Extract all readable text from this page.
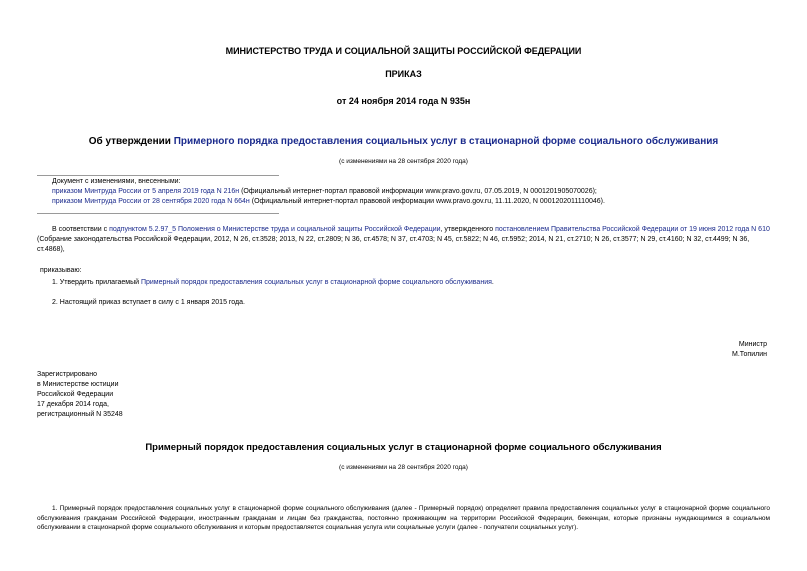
МИНИСТЕРСТВО ТРУДА И СОЦИАЛЬНОЙ ЗАЩИТЫ РОССИЙСКОЙ ФЕДЕРАЦИИ
ПРИКАЗ
от 24 ноября 2014 года N 935н
Об утверждении Примерного порядка предоставления социальных услуг в стационарной форме социального обслуживания
(с изменениями на 28 сентября 2020 года)

Документ с изменениями, внесенными:

приказом Минтруда России от 5 апреля 2019 года N 216н (Официальный интернет-портал правовой информации www.pravo.gov.ru, 07.05.2019, N 0001201905070026);

приказом Минтруда России от 28 сентября 2020 года N 664н (Официальный интернет-портал правовой информации www.pravo.gov.ru, 11.11.2020, N 0001202011110046).

В соответствии с подпунктом 5.2.97_5 Положения о Министерстве труда и социальной защиты Российской Федерации, утвержденного постановлением Правительства Российской Федерации от 19 июня 2012 года N 610 (Собрание законодательства Российской Федерации, 2012, N 26, ст.3528; 2013, N 22, ст.2809; N 36, ст.4578; N 37, ст.4703; N 45, ст.5822; N 46, ст.5952; 2014, N 21, ст.2710; N 26, ст.3577; N 29, ст.4160; N 32, ст.4499; N 36, ст.4868),
приказываю:
1. Утвердить прилагаемый Примерный порядок предоставления социальных услуг в стационарной форме социального обслуживания.
2. Настоящий приказ вступает в силу с 1 января 2015 года.
Министр
М.Топилин

Зарегистрировано

в Министерстве юстиции

Российской Федерации

17 декабря 2014 года,

регистрационный N 35248

Примерный порядок предоставления социальных услуг в стационарной форме социального обслуживания
(с изменениями на 28 сентября 2020 года)
1. Примерный порядок предоставления социальных услуг в стационарной форме социального обслуживания (далее - Примерный порядок) определяет правила предоставления социальных услуг в стационарной форме социального обслуживания гражданам Российской Федерации, иностранным гражданам и лицам без гражданства, постоянно проживающим на территории Российской Федерации, беженцам, которые признаны нуждающимися в социальном обслуживании в стационарной форме социального обслуживания и которым предоставляется социальная услуга или социальные услуги (далее - получатели социальных услуг).
